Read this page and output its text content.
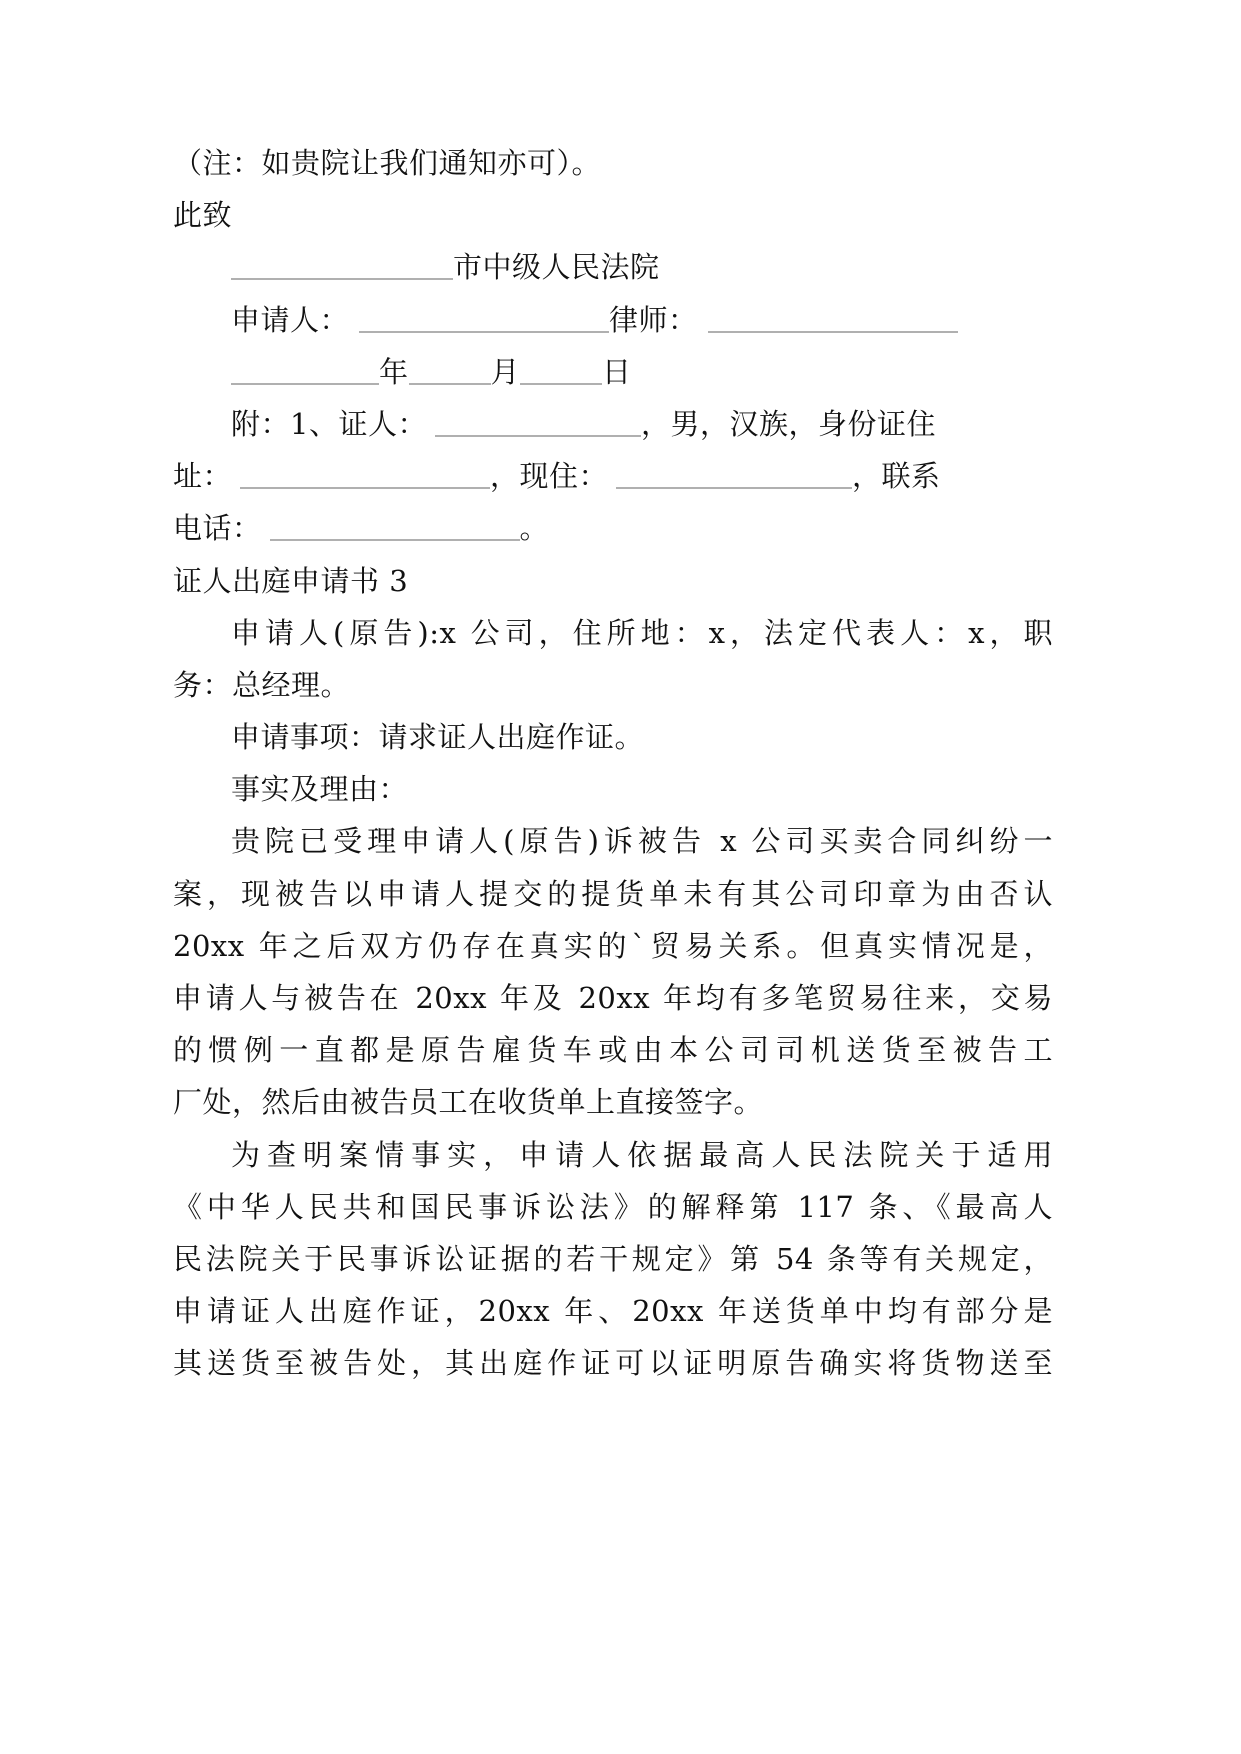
（注：如贵院让我们通知亦可）。
此致
市中级人民法院
申请人：	律师：
年	月	日
附：1、证人：	，男，汉族，身份证住
址：	，现住：	，联系
电话：	。
证人出庭申请书 3
申请人(原告):x 公司，住所地：x，法定代表人：x，职
务：总经理。
申请事项：请求证人出庭作证。
事实及理由：
贵院已受理申请人(原告)诉被告 x 公司买卖合同纠纷一
案，现被告以申请人提交的提货单未有其公司印章为由否认
20xx 年之后双方仍存在真实的`贸易关系。但真实情况是，
申请人与被告在 20xx 年及 20xx 年均有多笔贸易往来，交易
的惯例一直都是原告雇货车或由本公司司机送货至被告工
厂处，然后由被告员工在收货单上直接签字。
为查明案情事实，申请人依据最高人民法院关于适用
《中华人民共和国民事诉讼法》的解释第 117 条、《最高人
民法院关于民事诉讼证据的若干规定》第 54 条等有关规定，
申请证人出庭作证，20xx 年、20xx 年送货单中均有部分是
其送货至被告处，其出庭作证可以证明原告确实将货物送至
